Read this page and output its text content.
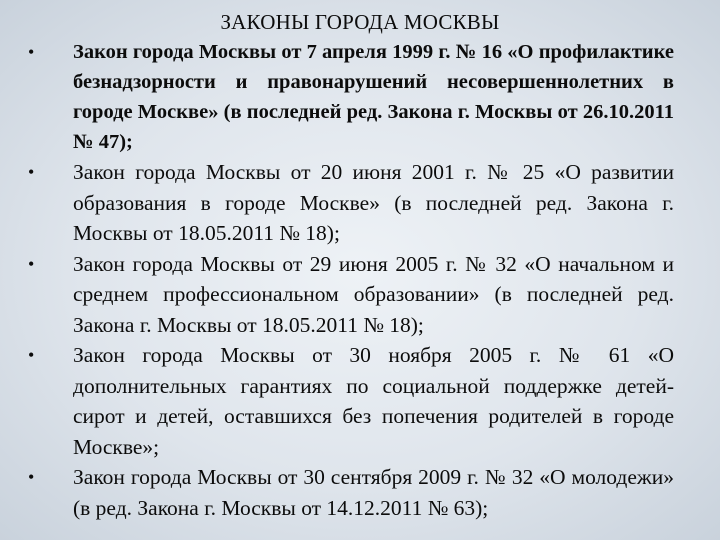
ЗАКОНЫ ГОРОДА МОСКВЫ
•	Закон города Москвы от 7 апреля 1999 г. № 16 «О профилактике безнадзорности и правонарушений несовершеннолетних в городе Москве» (в последней ред. Закона г. Москвы от 26.10.2011 № 47);
•	Закон города Москвы от 20 июня 2001 г. № 25 «О развитии образования в городе Москве» (в последней ред. Закона г. Москвы от 18.05.2011 № 18);
•	Закон города Москвы от 29 июня 2005 г. № 32 «О начальном и среднем профессиональном образовании» (в последней ред. Закона г. Москвы от 18.05.2011 № 18);
•	Закон города Москвы от 30 ноября 2005 г. № 61 «О дополнительных гарантиях по социальной поддержке детей-сирот и детей, оставшихся без попечения родителей в городе Москве»;
•	Закон города Москвы от 30 сентября 2009 г. № 32 «О молодежи» (в ред. Закона г. Москвы от 14.12.2011 № 63);
